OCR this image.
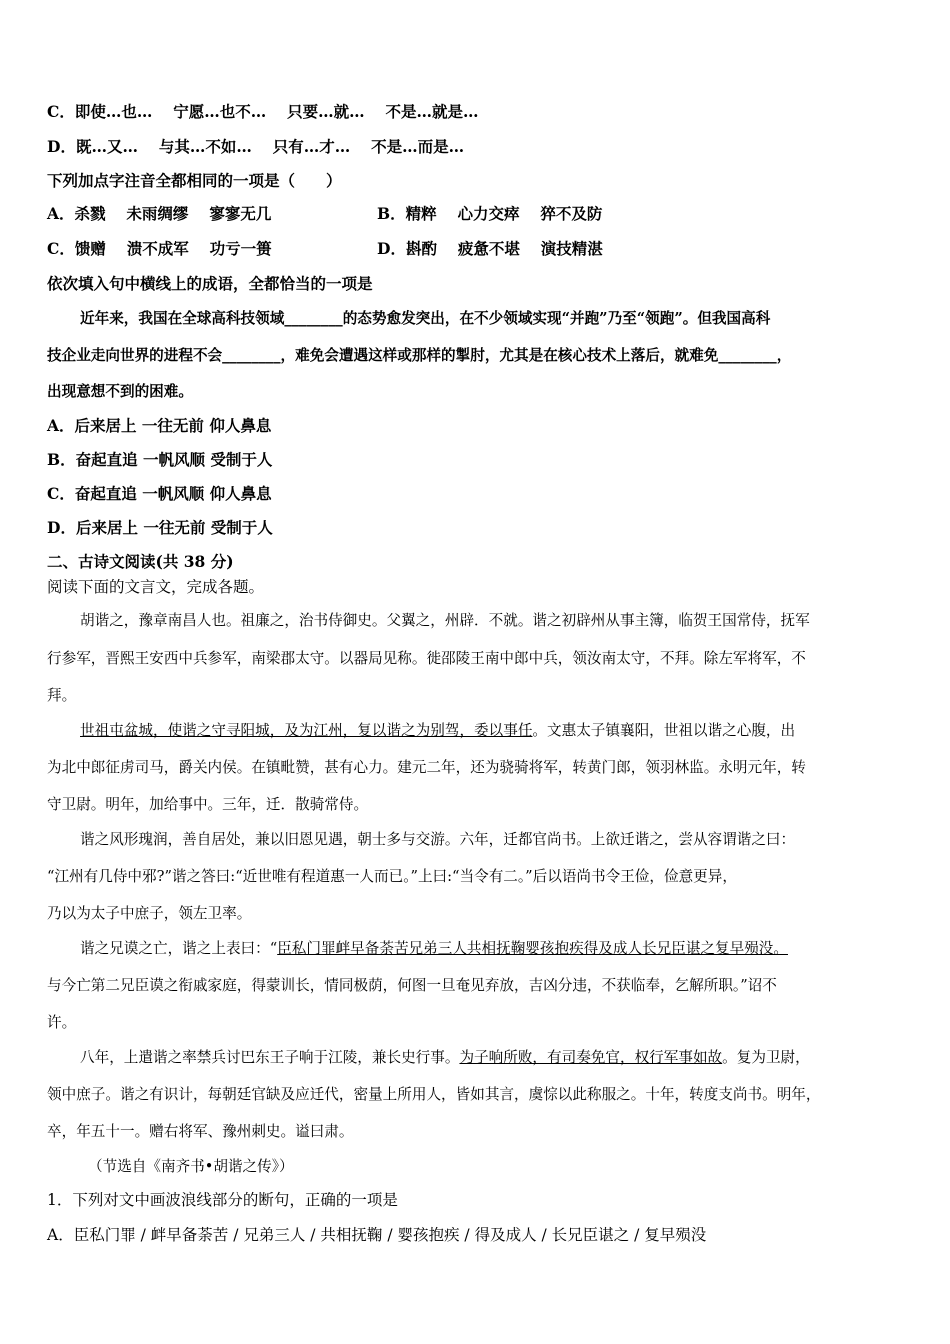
C．即使…也…　 宁愿…也不…　 只要…就…　 不是…就是…
D．既…又…　 与其…不如…　 只有…才…　 不是…而是…
下列加点字注音全都相同的一项是（　　）
A．杀戮　 未雨绸缪　 寥寥无几	B．精粹　 心力交瘁　 猝不及防
C．馈赠　 溃不成军　 功亏一篑	D．斟酌　 疲惫不堪　 演技精湛
依次填入句中横线上的成语，全都恰当的一项是
近年来，我国在全球高科技领域________的态势愈发突出，在不少领域实现“并跑”乃至“领跑”。但我国高科
技企业走向世界的进程不会________，难免会遭遇这样或那样的掣肘，尤其是在核心技术上落后，就难免________，
出现意想不到的困难。
A．后来居上 一往无前 仰人鼻息
B．奋起直追 一帆风顺 受制于人
C．奋起直追 一帆风顺 仰人鼻息
D．后来居上 一往无前 受制于人
二、古诗文阅读(共 38 分)
阅读下面的文言文，完成各题。
胡谐之，豫章南昌人也。祖廉之，治书侍御史。父翼之，州辟．不就。谐之初辟州从事主簿，临贺王国常侍，抚军
行参军，晋熙王安西中兵参军，南梁郡太守。以器局见称。徙邵陵王南中郎中兵，领汝南太守，不拜。除左军将军，不
拜。
世祖屯盆城，使谐之守寻阳城，及为江州，复以谐之为别驾，委以事任。文惠太子镇襄阳，世祖以谐之心腹，出
为北中郎征虏司马，爵关内侯。在镇毗赞，甚有心力。建元二年，还为骁骑将军，转黄门郎，领羽林监。永明元年，转
守卫尉。明年，加给事中。三年，迁．散骑常侍。
谐之风形瑰润，善自居处，兼以旧恩见遇，朝士多与交游。六年，迁都官尚书。上欲迁谐之，尝从容谓谐之曰：
“江州有几侍中邪?”谐之答曰:“近世唯有程道惠一人而已。”上曰:“当令有二。”后以语尚书令王俭，俭意更异，
乃以为太子中庶子，领左卫率。
谐之兄谟之亡，谐之上表曰：“臣私门罪衅早备荼苦兄弟三人共相抚鞠婴孩抱疾得及成人长兄臣谌之复早殒没。
与今亡第二兄臣谟之衔戚家庭，得蒙训长，情同极荫，何图一旦奄见弃放，吉凶分违，不获临奉，乞解所职。”诏不
许。
八年，上遣谐之率禁兵讨巴东王子响于江陵，兼长史行事。为子响所败，有司奏免官，权行军事如故。复为卫尉，
领中庶子。谐之有识计，每朝廷官缺及应迁代，密量上所用人，皆如其言，虞悰以此称服之。十年，转度支尚书。明年，
卒，年五十一。赠右将军、豫州刺史。谥曰肃。
（节选自《南齐书•胡谐之传》）
1．下列对文中画波浪线部分的断句，正确的一项是
A．臣私门罪 / 衅早备荼苦 / 兄弟三人 / 共相抚鞠 / 婴孩抱疾 / 得及成人 / 长兄臣谌之 / 复早殒没
